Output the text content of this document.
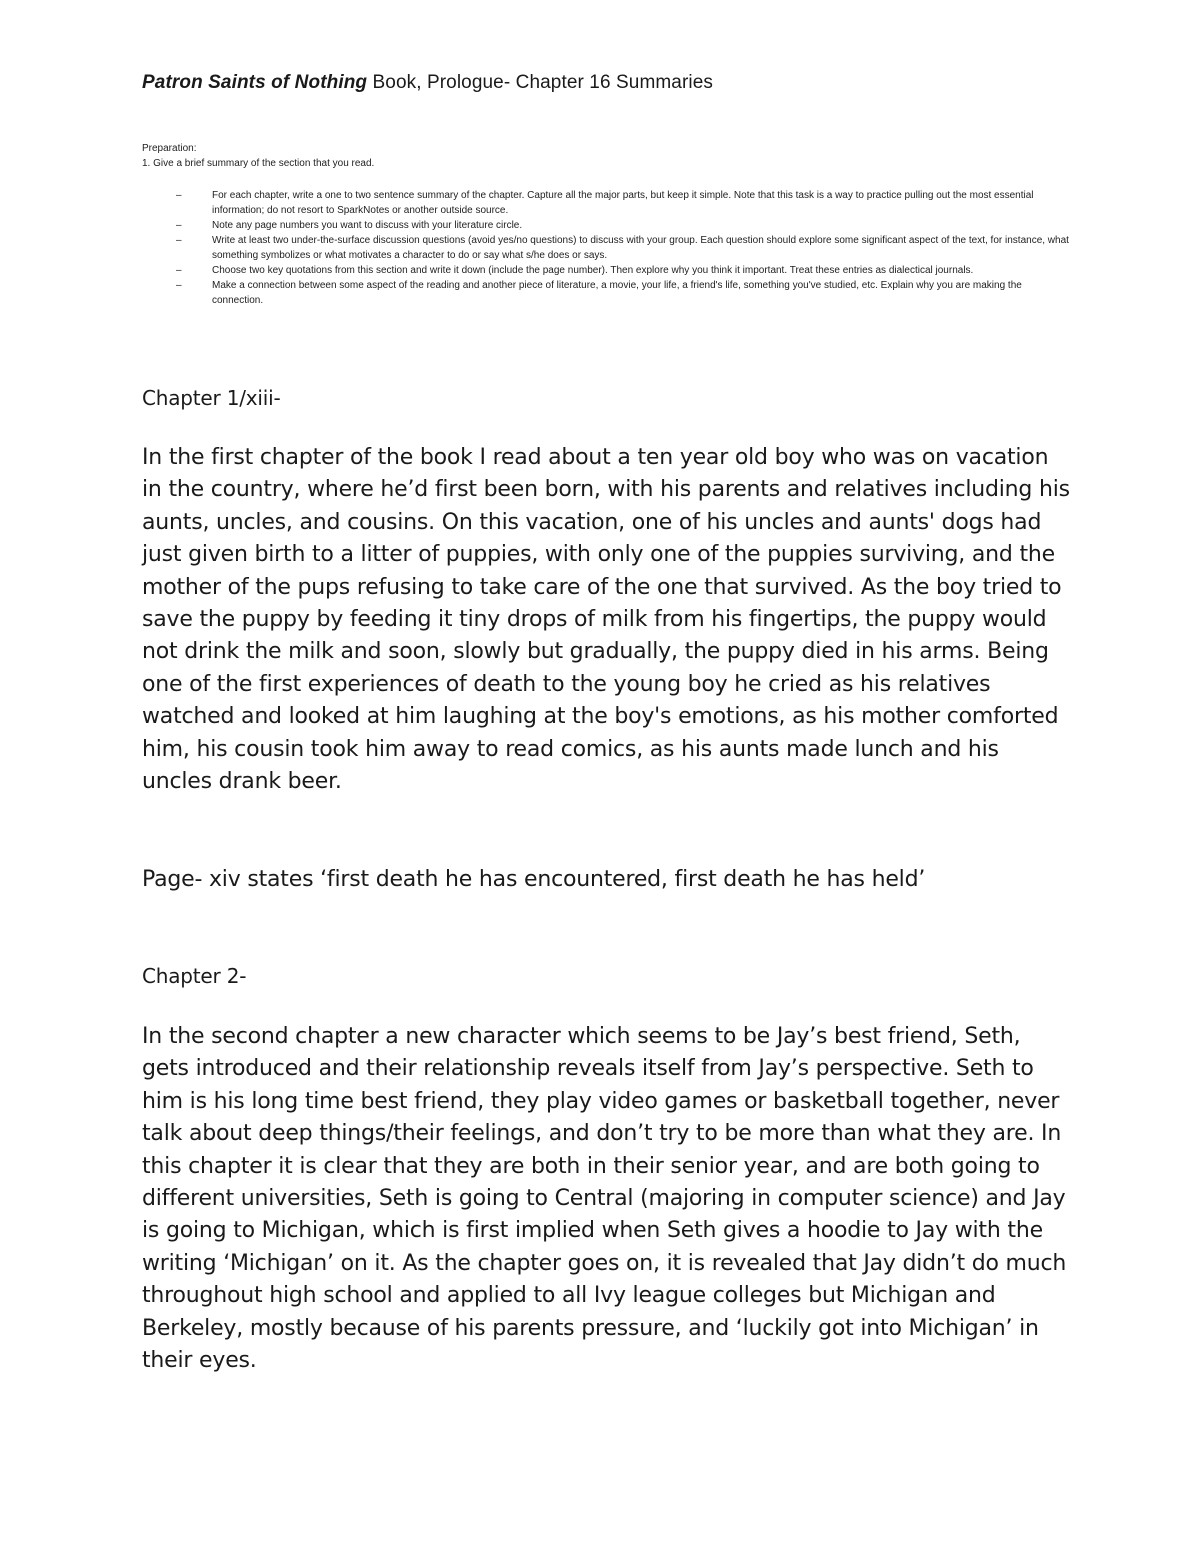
Patron Saints of Nothing Book, Prologue- Chapter 16 Summaries

Preparation:

1. Give a brief summary of the section that you read.

–	For each chapter, write a one to two sentence summary of the chapter. Capture all the major parts, but keep it simple. Note that this task is a way to practice pulling out the most essential information; do not resort to SparkNotes or another outside source.
–	Note any page numbers you want to discuss with your literature circle.
–	Write at least two under-the-surface discussion questions (avoid yes/no questions) to discuss with your group. Each question should explore some significant aspect of the text, for instance, what something symbolizes or what motivates a character to do or say what s/he does or says.
–	Choose two key quotations from this section and write it down (include the page number). Then explore why you think it important. Treat these entries as dialectical journals.
–	Make a connection between some aspect of the reading and another piece of literature, a movie, your life, a friend's life, something you've studied, etc. Explain why you are making the connection.

Chapter 1/xiii-

In the first chapter of the book I read about a ten year old boy who was on vacation in the country, where he’d first been born, with his parents and relatives including his aunts, uncles, and cousins. On this vacation, one of his uncles and aunts' dogs had just given birth to a litter of puppies, with only one of the puppies surviving, and the mother of the pups refusing to take care of the one that survived. As the boy tried to save the puppy by feeding it tiny drops of milk from his fingertips, the puppy would not drink the milk and soon, slowly but gradually, the puppy died in his arms. Being one of the first experiences of death to the young boy he cried as his relatives watched and looked at him laughing at the boy's emotions, as his mother comforted him, his cousin took him away to read comics, as his aunts made lunch and his uncles drank beer.

Page- xiv states ‘first death he has encountered, first death he has held’

Chapter 2-

In the second chapter a new character which seems to be Jay’s best friend, Seth, gets introduced and their relationship reveals itself from Jay’s perspective. Seth to him is his long time best friend, they play video games or basketball together, never talk about deep things/their feelings, and don’t try to be more than what they are. In this chapter it is clear that they are both in their senior year, and are both going to different universities, Seth is going to Central (majoring in computer science) and Jay is going to Michigan, which is first implied when Seth gives a hoodie to Jay with the writing ‘Michigan’ on it. As the chapter goes on, it is revealed that Jay didn’t do much throughout high school and applied to all Ivy league colleges but Michigan and Berkeley, mostly because of his parents pressure, and ‘luckily got into Michigan’ in their eyes.
